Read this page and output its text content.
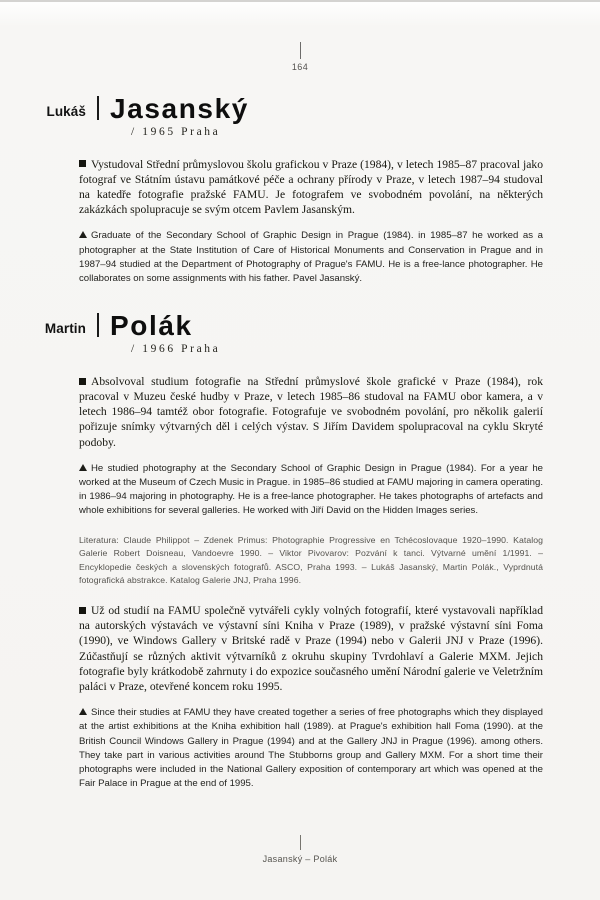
164
Lukáš Jasanský
/ 1965 Praha
Vystudoval Střední průmyslovou školu grafickou v Praze (1984), v letech 1985–87 pracoval jako fotograf ve Státním ústavu památkové péče a ochrany přírody v Praze, v letech 1987–94 studoval na katedře fotografie pražské FAMU. Je fotografem ve svobodném povolání, na některých zakázkách spolupracuje se svým otcem Pavlem Jasanským.
Graduate of the Secondary School of Graphic Design in Prague (1984). in 1985–87 he worked as a photographer at the State Institution of Care of Historical Monuments and Conservation in Prague and in 1987–94 studied at the Department of Photography of Prague's FAMU. He is a free-lance photographer. He collaborates on some assignments with his father. Pavel Jasanský.
Martin Polák
/ 1966 Praha
Absolvoval studium fotografie na Střední průmyslové škole grafické v Praze (1984), rok pracoval v Muzeu české hudby v Praze, v letech 1985–86 studoval na FAMU obor kamera, a v letech 1986–94 tamtéž obor fotografie. Fotografuje ve svobodném povolání, pro několik galerií pořizuje snímky výtvarných děl i celých výstav. S Jiřím Davidem spolupracoval na cyklu Skryté podoby.
He studied photography at the Secondary School of Graphic Design in Prague (1984). For a year he worked at the Museum of Czech Music in Prague. in 1985–86 studied at FAMU majoring in camera operating. in 1986–94 majoring in photography. He is a free-lance photographer. He takes photographs of artefacts and whole exhibitions for several galleries. He worked with Jiří David on the Hidden Images series.
Literatura: Claude Philippot – Zdenek Primus: Photographie Progressive en Tchécoslovaque 1920–1990. Katalog Galerie Robert Doisneau, Vandoevre 1990. – Viktor Pivovarov: Pozvání k tanci. Výtvarné umění 1/1991. – Encyklopedie českých a slovenských fotografů. ASCO, Praha 1993. – Lukáš Jasanský, Martin Polák., Vyprdnutá fotografická abstrakce. Katalog Galerie JNJ, Praha 1996.
Už od studií na FAMU společně vytvářeli cykly volných fotografií, které vystavovali například na autorských výstavách ve výstavní síni Kniha v Praze (1989), v pražské výstavní síni Foma (1990), ve Windows Gallery v Britské radě v Praze (1994) nebo v Galerii JNJ v Praze (1996). Zúčastňují se různých aktivit výtvarníků z okruhu skupiny Tvrdohlaví a Galerie MXM. Jejich fotografie byly krátkodobě zahrnuty i do expozice současného umění Národní galerie ve Veletržním paláci v Praze, otevřené koncem roku 1995.
Since their studies at FAMU they have created together a series of free photographs which they displayed at the artist exhibitions at the Kniha exhibition hall (1989). at Prague's exhibition hall Foma (1990). at the British Council Windows Gallery in Prague (1994) and at the Gallery JNJ in Prague (1996). among others. They take part in various activities around The Stubborns group and Gallery MXM. For a short time their photographs were included in the National Gallery exposition of contemporary art which was opened at the Fair Palace in Prague at the end of 1995.
Jasanský – Polák
